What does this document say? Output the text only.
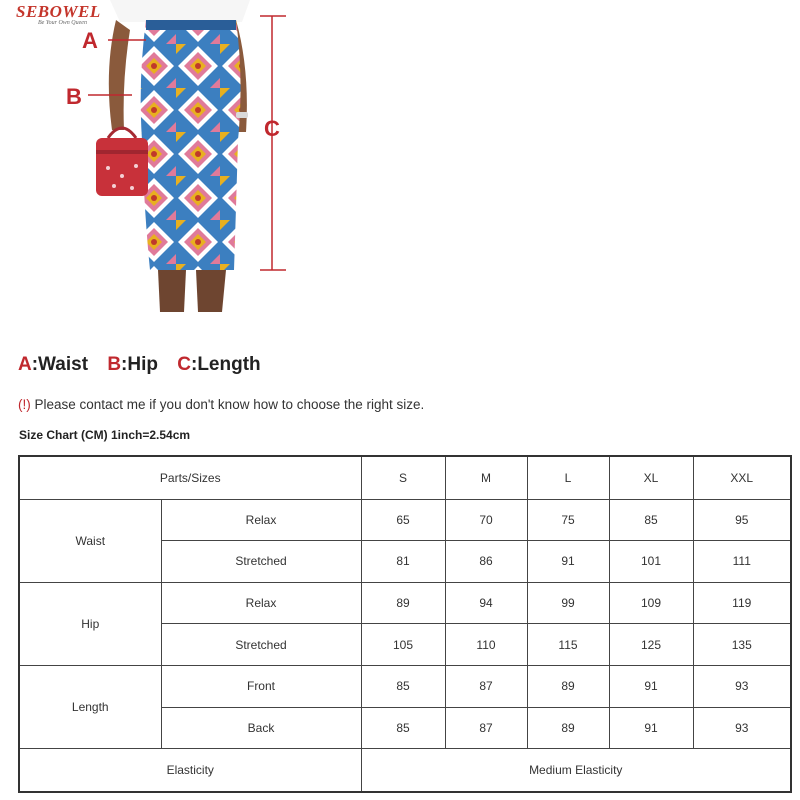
SEBOWEL
Be Your Own Queen
A
B
C
A:Waist B:Hip C:Length
(!) Please contact me if you don't know how to choose the right size.
Size Chart (CM) 1inch=2.54cm
Parts/Sizes		S	M	L	XL	XXL
Waist	Relax	65	70	75	85	95
	Stretched	81	86	91	101	111
Hip	Relax	89	94	99	109	119
	Stretched	105	110	115	125	135
Length	Front	85	87	89	91	93
	Back	85	87	89	91	93
Elasticity		Medium Elasticity				
